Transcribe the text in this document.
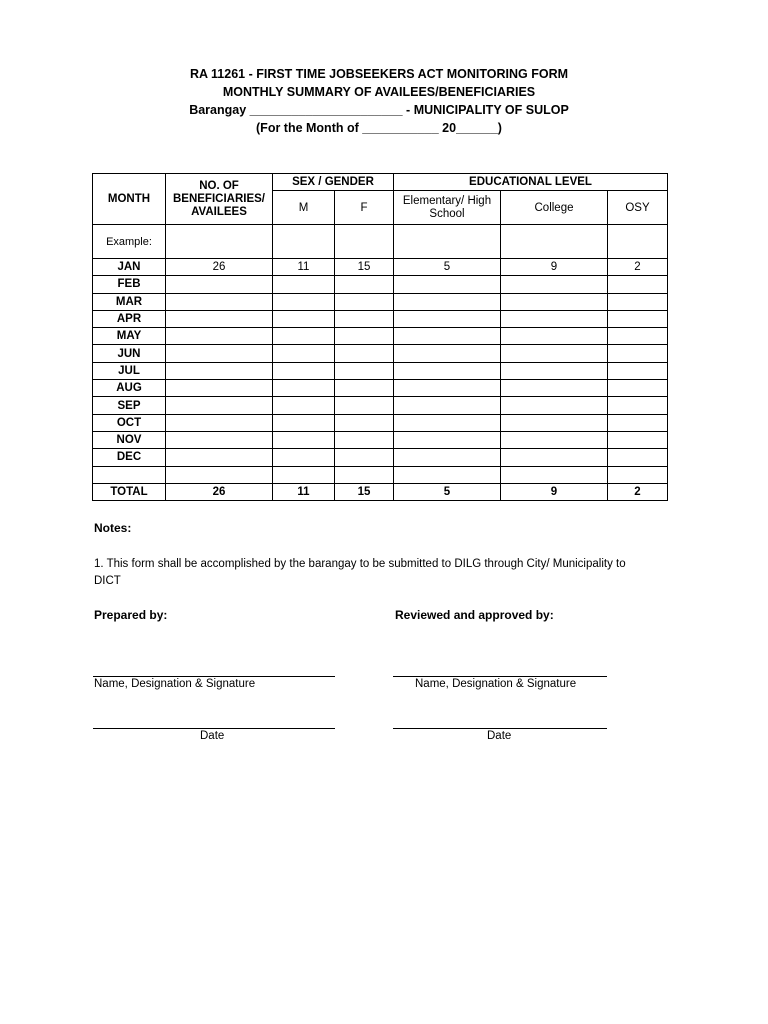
RA 11261 - FIRST TIME JOBSEEKERS ACT MONITORING FORM
MONTHLY SUMMARY OF AVAILEES/BENEFICIARIES
Barangay ______________________ - MUNICIPALITY OF SULOP
(For the Month of ___________ 20______)
MONTH	NO. OF BENEFICIARIES/ AVAILEES	SEX / GENDER		EDUCATIONAL LEVEL		
		M	F	Elementary/ High School	College	OSY
Example:						
JAN	26	11	15	5	9	2
FEB						
MAR						
APR						
MAY						
JUN						
JUL						
AUG						
SEP						
OCT						
NOV						
DEC						

TOTAL	26	11	15	5	9	2
Notes:
1. This form shall be accomplished by the barangay to be submitted to DILG through City/ Municipality to DICT
Prepared by:	Reviewed and approved by:
Name, Designation & Signature	Name, Designation & Signature
Date	Date
